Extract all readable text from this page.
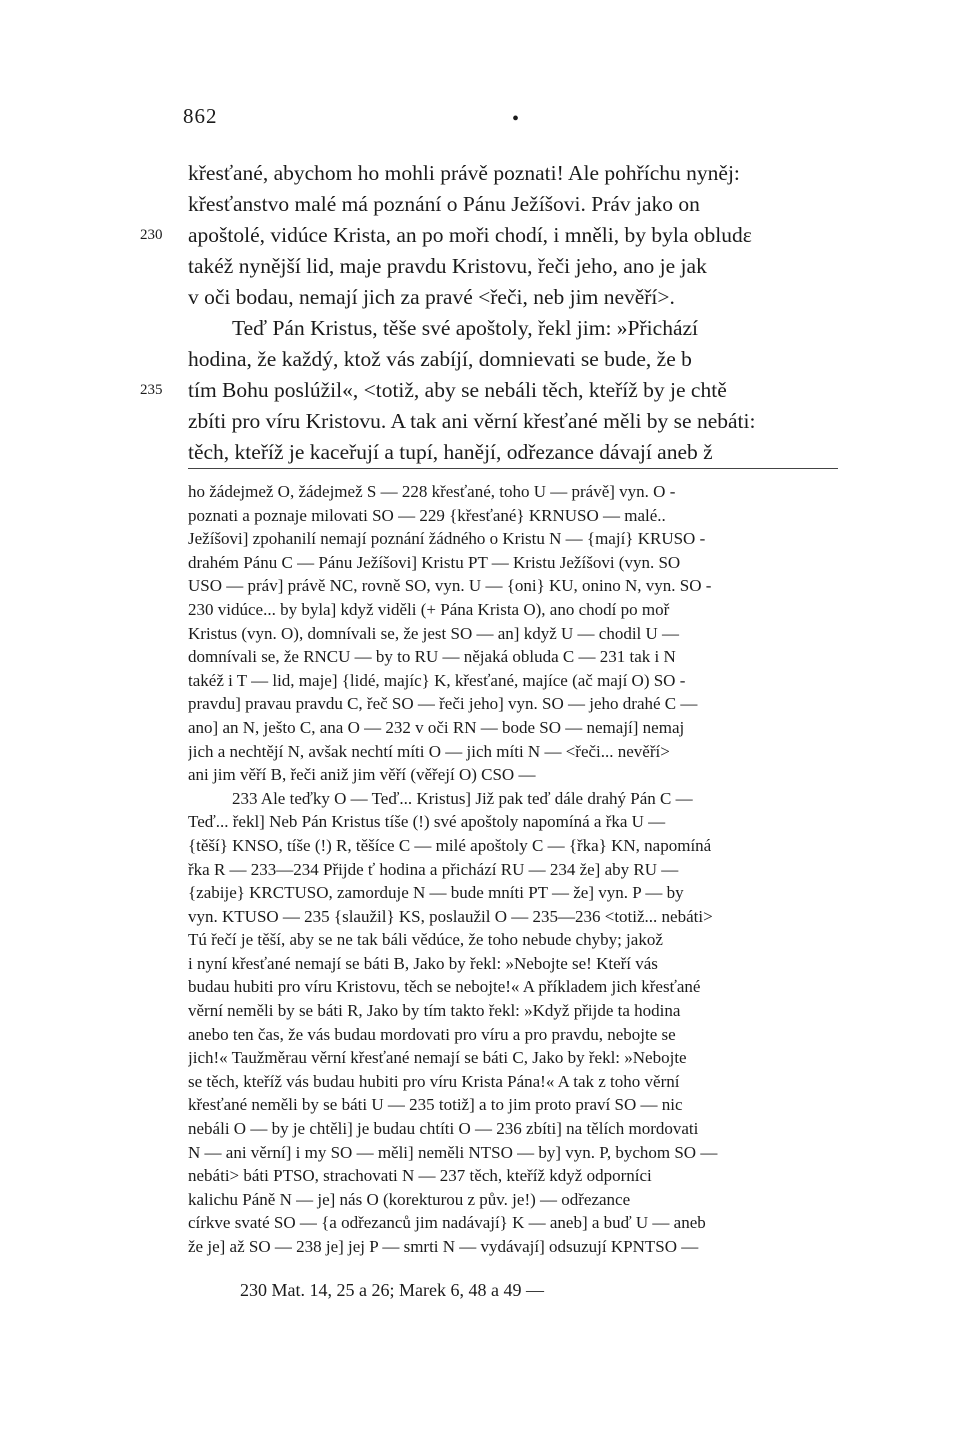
862	•
křesťané, abychom ho mohli právě poznati! Ale pohříchu nyněj:
křesťanstvo malé má poznání o Pánu Ježíšovi. Práv jako on
apoštolé, vidúce Krista, an po moři chodí, i mněli, by byla obludε
takéž nynější lid, maje pravdu Kristovu, řeči jeho, ano je jak
v oči bodau, nemají jich za pravé <řeči, neb jim nevěří>.
Teď Pán Kristus, těše své apoštoly, řekl jim: »Přichází
hodina, že každý, ktož vás zabíjí, domnievati se bude, že b
tím Bohu poslúžil«, <totiž, aby se nebáli těch, kteříž by je chtě
zbíti pro víru Kristovu. A tak ani věrní křesťané měli by se nebáti:
těch, kteříž je kaceřují a tupí, hanějí, odřezance dávají aneb ž
230
235
ho žádejmež O, žádejmež S — 228 křesťané, toho U — právě] vyn. O -
poznati a poznaje milovati SO — 229 {křesťané} KRNUSO — malé..
Ježíšovi] zpohanilí nemají poznání žádného o Kristu N — {mají} KRUSO -
drahém Pánu C — Pánu Ježíšovi] Kristu PT — Kristu Ježíšovi (vyn. SO
USO — práv] právě NC, rovně SO, vyn. U — {oni} KU, onino N, vyn. SO -
230 vidúce... by byla] když viděli (+ Pána Krista O), ano chodí po moř
Kristus (vyn. O), domnívali se, že jest SO — an] když U — chodil U —
domnívali se, že RNCU — by to RU — nějaká obluda C — 231 tak i N
takéž i T — lid, maje] {lidé, majíc} K, křesťané, majíce (ač mají O) SO -
pravdu] pravau pravdu C, řeč SO — řeči jeho] vyn. SO — jeho drahé C —
ano] an N, ješto C, ana O — 232 v oči RN — bode SO — nemají] nemaj
jich a nechtějí N, avšak nechtí míti O — jich míti N — <řeči... nevěří>
ani jim věří B, řeči aniž jim věří (věřejí O) CSO —
233 Ale teďky O — Teď... Kristus] Již pak teď dále drahý Pán C —
Teď... řekl] Neb Pán Kristus tíše (!) své apoštoly napomíná a řka U —
{těší} KNSO, tíše (!) R, těšíce C — milé apoštoly C — {řka} KN, napomíná
řka R — 233—234 Přijde ť hodina a přichází RU — 234 že] aby RU —
{zabije} KRCTUSO, zamorduje N — bude mníti PT — že] vyn. P — by
vyn. KTUSO — 235 {slaužil} KS, poslaužil O — 235—236 <totiž... nebáti>
Tú řečí je těší, aby se ne tak báli vědúce, že toho nebude chyby; jakož
i nyní křesťané nemají se báti B, Jako by řekl: »Nebojte se! Kteří vás
budau hubiti pro víru Kristovu, těch se nebojte!« A příkladem jich křesťané
věrní neměli by se báti R, Jako by tím takto řekl: »Když přijde ta hodina
anebo ten čas, že vás budau mordovati pro víru a pro pravdu, nebojte se
jich!« Taužměrau věrní křesťané nemají se báti C, Jako by řekl: »Nebojte
se těch, kteříž vás budau hubiti pro víru Krista Pána!« A tak z toho věrní
křesťané neměli by se báti U — 235 totiž] a to jim proto praví SO — nic
nebáli O — by je chtěli] je budau chtíti O — 236 zbíti] na tělích mordovati
N — ani věrní] i my SO — měli] neměli NTSO — by] vyn. P, bychom SO —
nebáti> báti PTSO, strachovati N — 237 těch, kteříž když odporníci
kalichu Páně N — je] nás O (korekturou z pův. je!) — odřezance
církve svaté SO — {a odřezanců jim nadávají} K — aneb] a buď U — aneb
že je] až SO — 238 je] jej P — smrti N — vydávají] odsuzují KPNTSO —
230 Mat. 14, 25 a 26; Marek 6, 48 a 49 —
